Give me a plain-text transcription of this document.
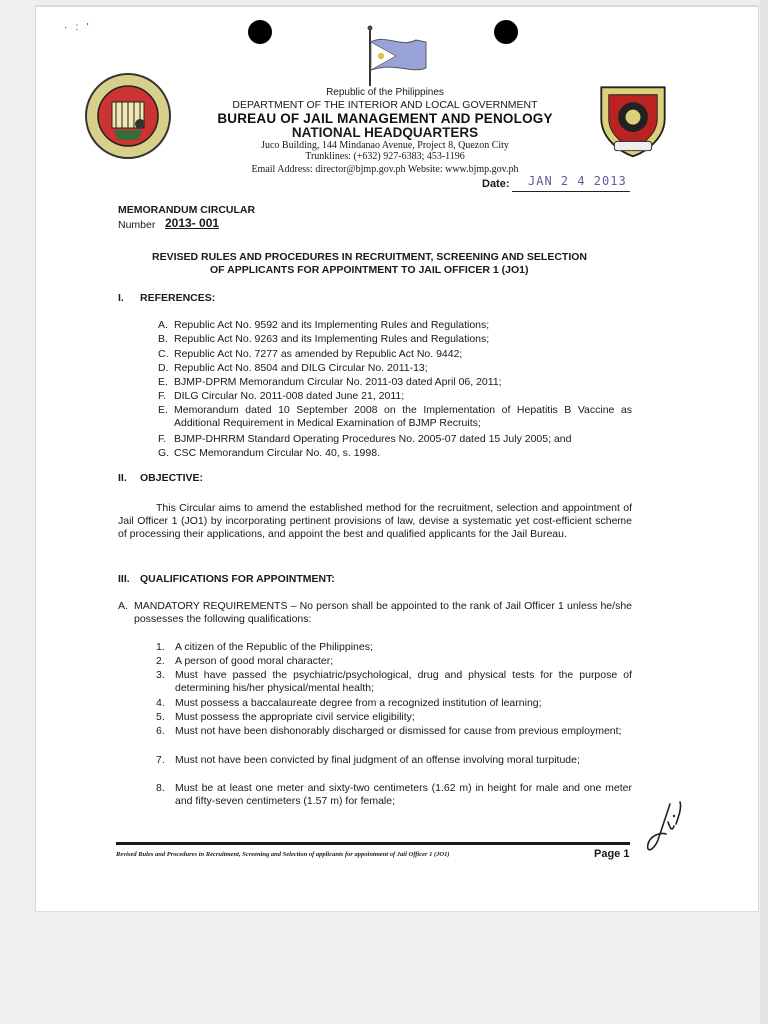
·   :   '
Republic of the Philippines
DEPARTMENT OF THE INTERIOR AND LOCAL GOVERNMENT
BUREAU OF JAIL MANAGEMENT AND PENOLOGY
NATIONAL HEADQUARTERS
Juco Building, 144 Mindanao Avenue, Project 8, Quezon City
Trunklines: (+632) 927-6383; 453-1196
Email Address: director@bjmp.gov.ph Website: www.bjmp.gov.ph
Date: JAN 2 4 2013
MEMORANDUM CIRCULAR
Number 2013- 001
REVISED RULES AND PROCEDURES IN RECRUITMENT, SCREENING AND SELECTION
OF APPLICANTS FOR APPOINTMENT TO JAIL OFFICER 1 (JO1)
I. REFERENCES:
A. Republic Act No. 9592 and its Implementing Rules and Regulations;
B. Republic Act No. 9263 and its Implementing Rules and Regulations;
C. Republic Act No. 7277 as amended by Republic Act No. 9442;
D. Republic Act No. 8504 and DILG Circular No. 2011-13;
E. BJMP-DPRM Memorandum Circular No. 2011-03 dated April 06, 2011;
F. DILG Circular No. 2011-008 dated June 21, 2011;
E. Memorandum dated 10 September 2008 on the Implementation of Hepatitis B Vaccine as Additional Requirement in Medical Examination of BJMP Recruits;
F. BJMP-DHRRM Standard Operating Procedures No. 2005-07 dated 15 July 2005; and
G. CSC Memorandum Circular No. 40, s. 1998.
II. OBJECTIVE:
This Circular aims to amend the established method for the recruitment, selection and appointment of Jail Officer 1 (JO1) by incorporating pertinent provisions of law, devise a systematic yet cost-efficient scheme of processing their applications, and appoint the best and qualified applicants for the Jail Bureau.
III. QUALIFICATIONS FOR APPOINTMENT:
A. MANDATORY REQUIREMENTS – No person shall be appointed to the rank of Jail Officer 1 unless he/she possesses the following qualifications:
1. A citizen of the Republic of the Philippines;
2. A person of good moral character;
3. Must have passed the psychiatric/psychological, drug and physical tests for the purpose of determining his/her physical/mental health;
4. Must possess a baccalaureate degree from a recognized institution of learning;
5. Must possess the appropriate civil service eligibility;
6. Must not have been dishonorably discharged or dismissed for cause from previous employment;
7. Must not have been convicted by final judgment of an offense involving moral turpitude;
8. Must be at least one meter and sixty-two centimeters (1.62 m) in height for male and one meter and fifty-seven centimeters (1.57 m) for female;
Revised Rules and Procedures in Recruitment, Screening and Selection of applicants for appointment of Jail Officer 1 (JO1)	Page 1
